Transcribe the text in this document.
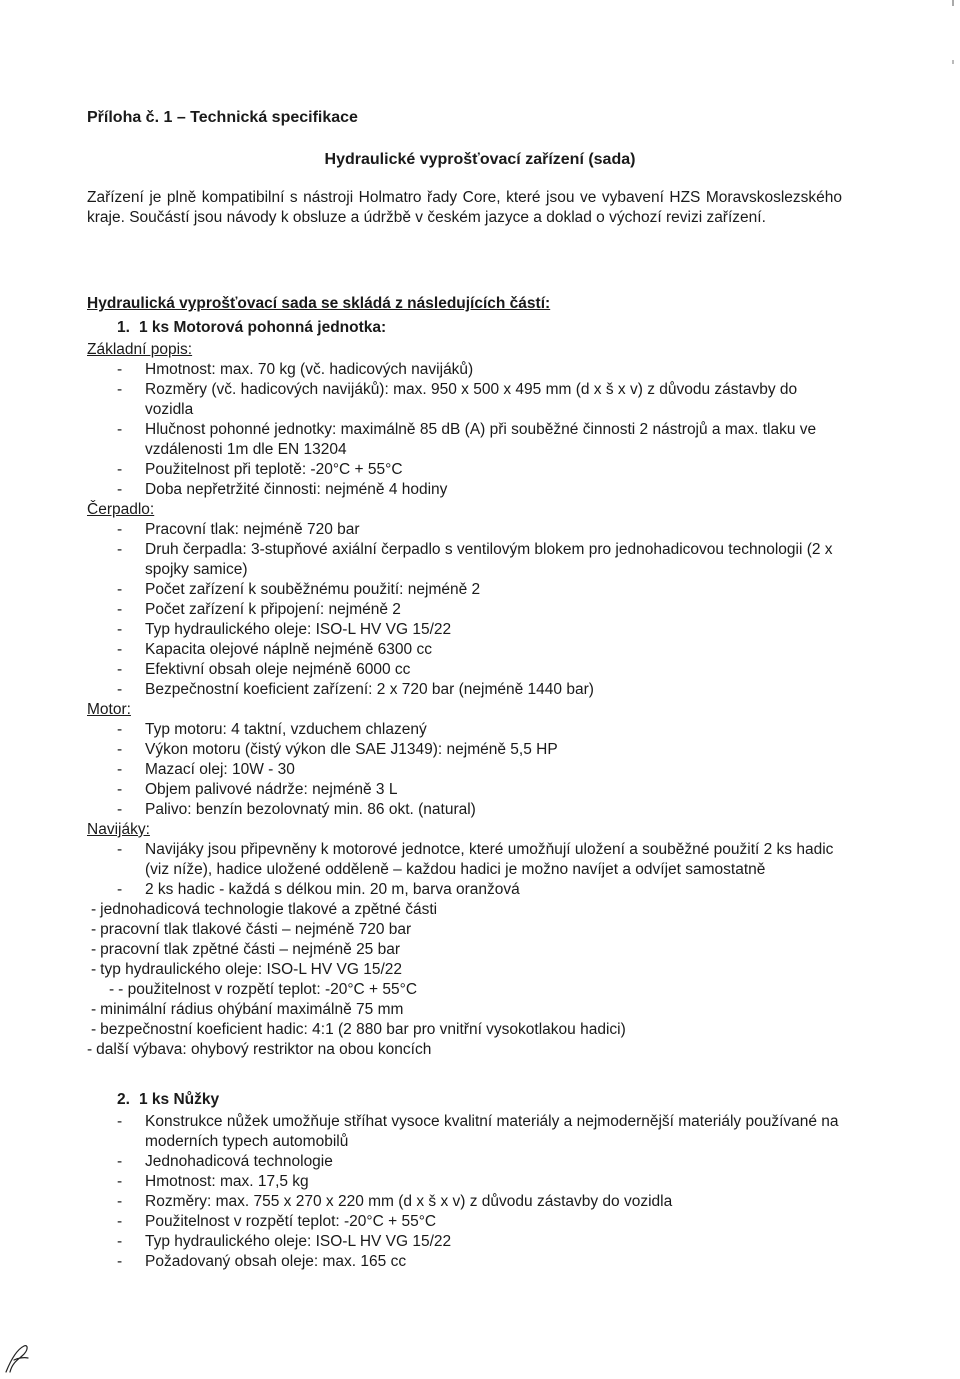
Příloha č. 1 – Technická specifikace
Hydraulické vyprošťovací zařízení (sada)
Zařízení je plně kompatibilní s nástroji Holmatro řady Core, které jsou ve vybavení HZS Moravskoslezského kraje. Součástí jsou návody k obsluze a údržbě v českém jazyce a doklad o výchozí revizi zařízení.
Hydraulická vyprošťovací sada se skládá z následujících částí:
1. 1 ks Motorová pohonná jednotka:
Základní popis:
- Hmotnost: max. 70 kg (vč. hadicových navijáků)
- Rozměry (vč. hadicových navijáků): max. 950 x 500 x 495 mm (d x š x v) z důvodu zástavby do vozidla
- Hlučnost pohonné jednotky: maximálně 85 dB (A) při souběžné činnosti 2 nástrojů a max. tlaku ve vzdálenosti 1m dle EN 13204
- Použitelnost při teplotě: -20°C + 55°C
- Doba nepřetržité činnosti: nejméně 4 hodiny
Čerpadlo:
- Pracovní tlak: nejméně 720 bar
- Druh čerpadla: 3-stupňové axiální čerpadlo s ventilovým blokem pro jednohadicovou technologii (2 x spojky samice)
- Počet zařízení k souběžnému použití: nejméně 2
- Počet zařízení k připojení: nejméně 2
- Typ hydraulického oleje: ISO-L HV VG 15/22
- Kapacita olejové náplně nejméně 6300 cc
- Efektivní obsah oleje nejméně 6000 cc
- Bezpečnostní koeficient zařízení: 2 x 720 bar (nejméně 1440 bar)
Motor:
- Typ motoru: 4 taktní, vzduchem chlazený
- Výkon motoru (čistý výkon dle SAE J1349): nejméně 5,5 HP
- Mazací olej: 10W - 30
- Objem palivové nádrže: nejméně 3 L
- Palivo: benzín bezolovnatý min. 86 okt. (natural)
Navijáky:
- Navijáky jsou připevněny k motorové jednotce, které umožňují uložení a souběžné použití 2 ks hadic (viz níže), hadice uložené odděleně – každou hadici je možno navíjet a odvíjet samostatně
- 2 ks hadic - každá s délkou min. 20 m, barva oranžová
- jednohadicová technologie tlakové a zpětné části
- pracovní tlak tlakové části – nejméně 720 bar
- pracovní tlak zpětné části – nejméně 25 bar
- typ hydraulického oleje: ISO-L HV VG 15/22
- - použitelnost v rozpětí teplot: -20°C + 55°C
- minimální rádius ohýbání maximálně 75 mm
- bezpečnostní koeficient hadic: 4:1 (2 880 bar pro vnitřní vysokotlakou hadici)
- další výbava: ohybový restriktor na obou koncích
2. 1 ks Nůžky
- Konstrukce nůžek umožňuje stříhat vysoce kvalitní materiály a nejmodernější materiály používané na moderních typech automobilů
- Jednohadicová technologie
- Hmotnost: max. 17,5 kg
- Rozměry: max. 755 x 270 x 220 mm (d x š x v) z důvodu zástavby do vozidla
- Použitelnost v rozpětí teplot: -20°C + 55°C
- Typ hydraulického oleje: ISO-L HV VG 15/22
- Požadovaný obsah oleje: max. 165 cc
